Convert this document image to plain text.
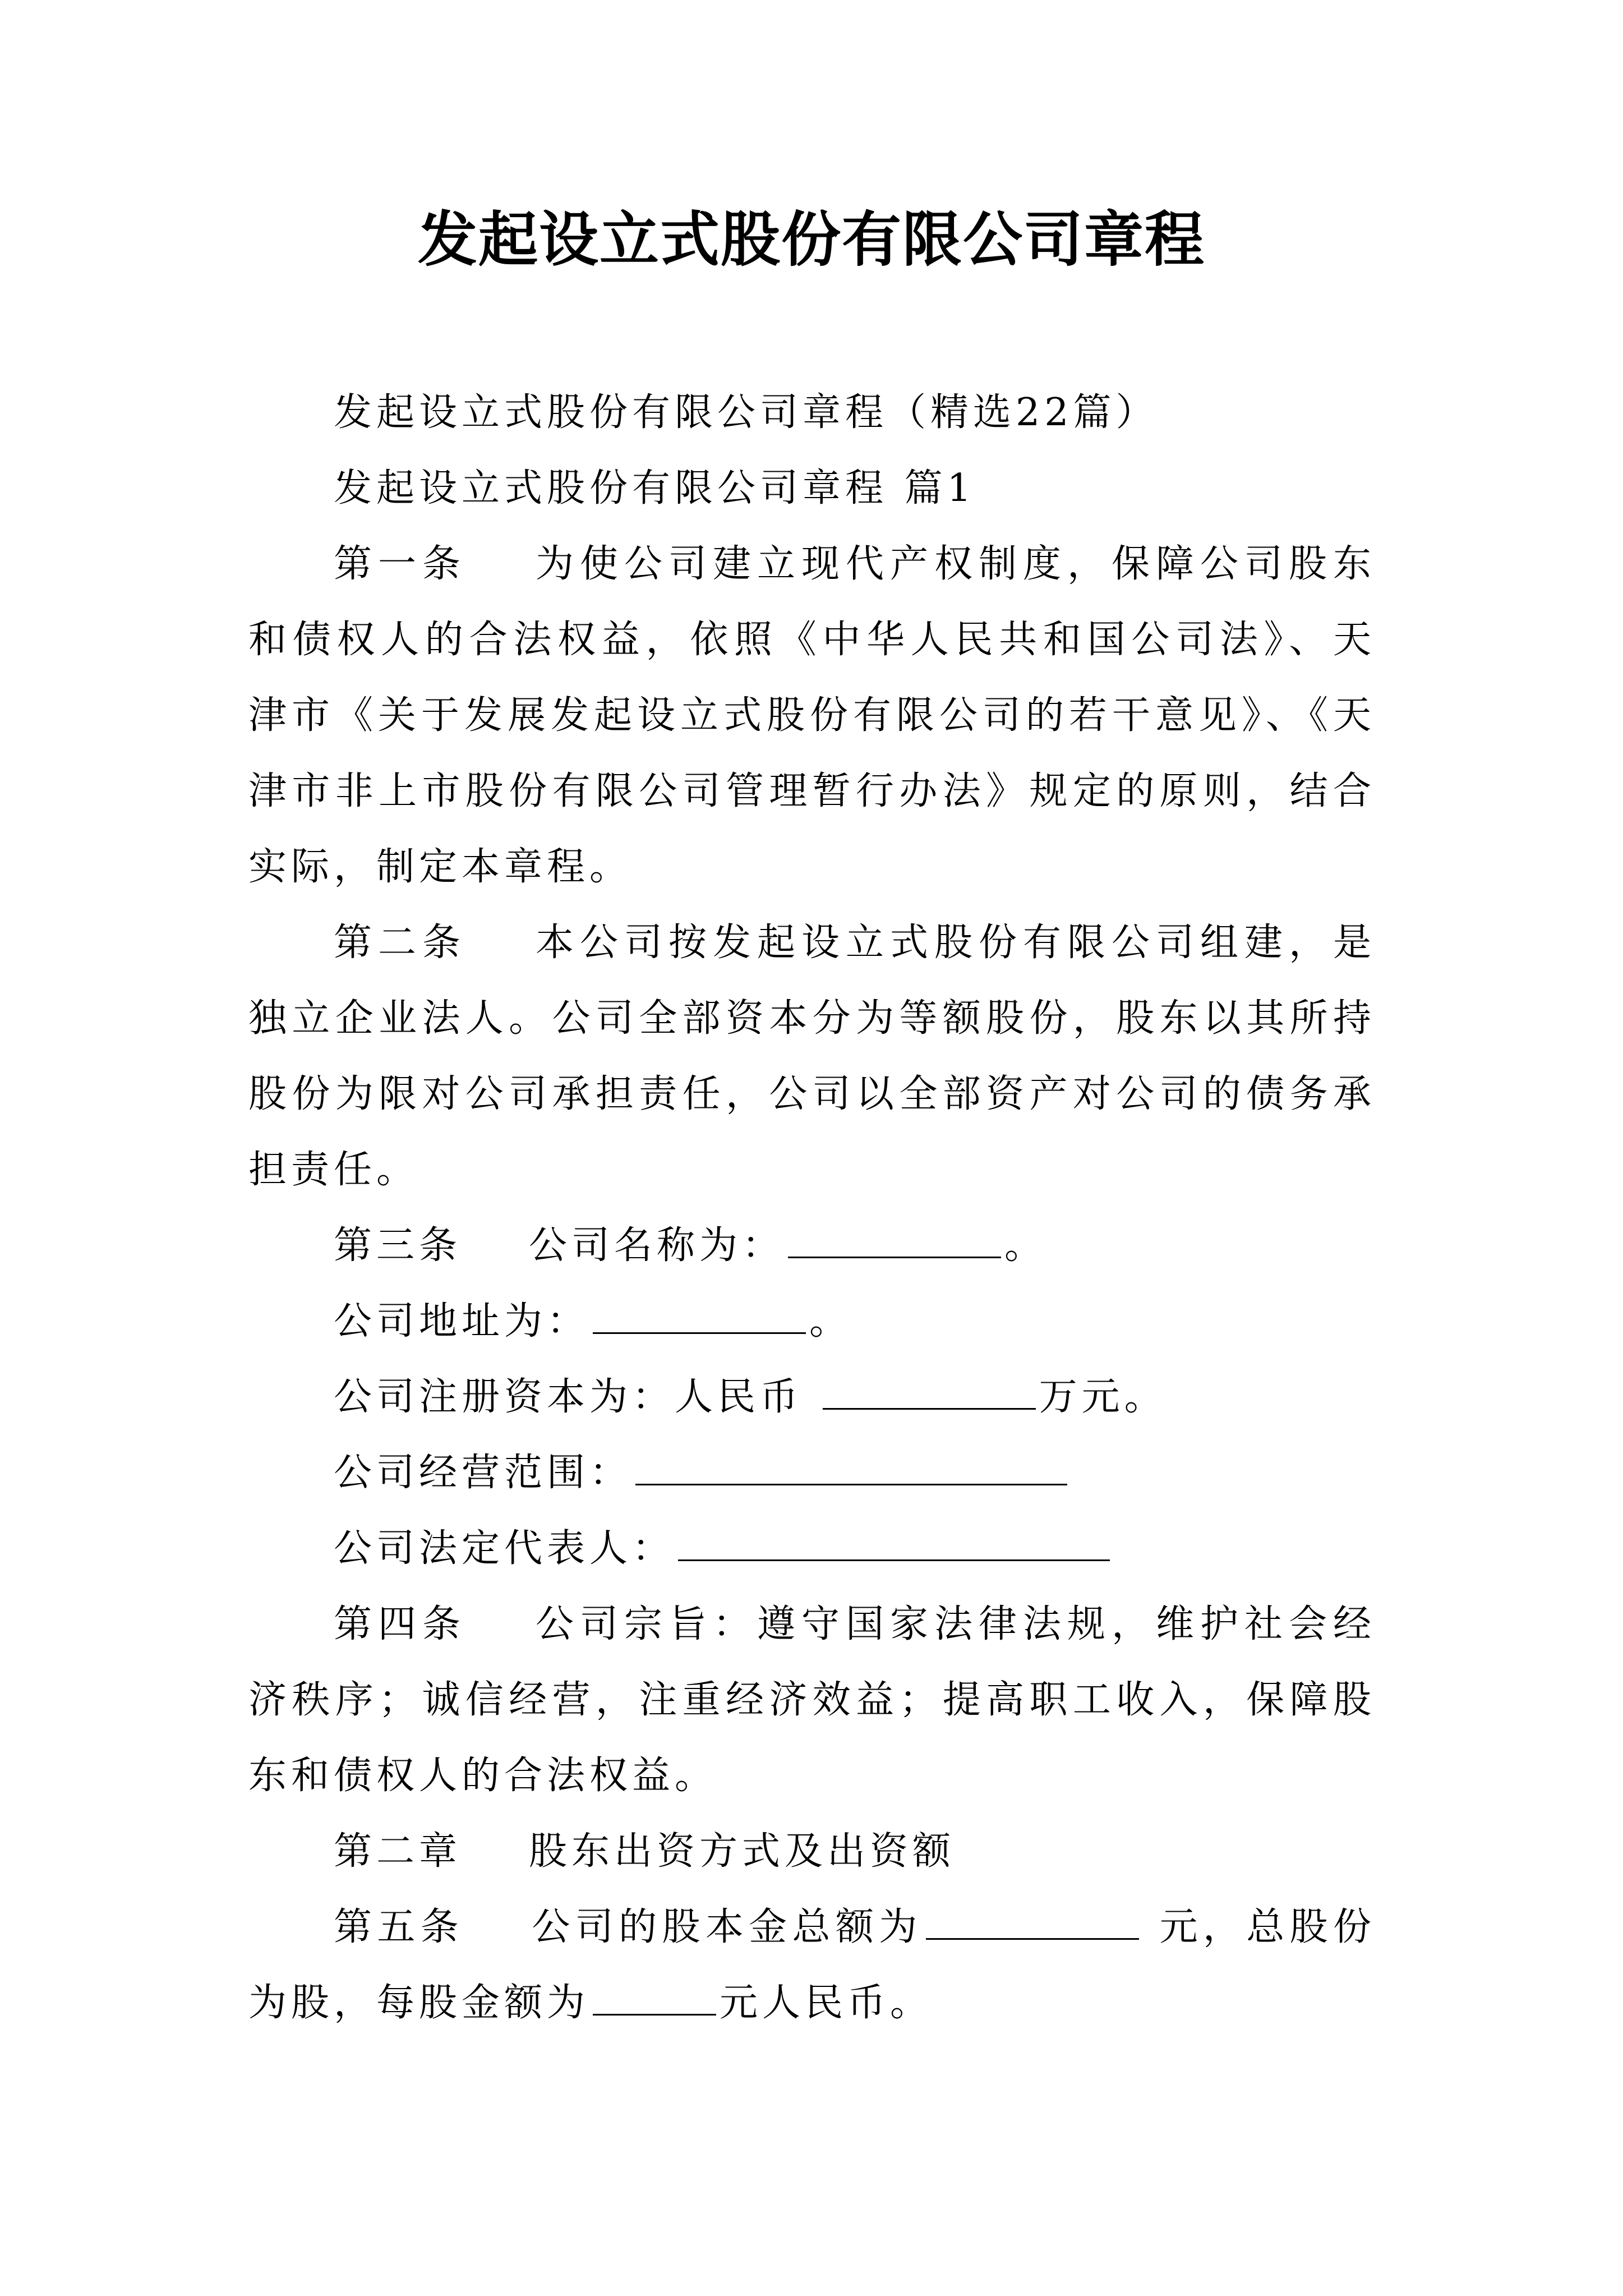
发起设立式股份有限公司章程

发起设立式股份有限公司章程（精选22篇）

发起设立式股份有限公司章程 篇1

第一条 为使公司建立现代产权制度，保障公司股东和债权人的合法权益，依照《中华人民共和国公司法》、天津市《关于发展发起设立式股份有限公司的若干意见》、《天津市非上市股份有限公司管理暂行办法》规定的原则，结合实际，制定本章程。

第二条 本公司按发起设立式股份有限公司组建，是独立企业法人。公司全部资本分为等额股份，股东以其所持股份为限对公司承担责任，公司以全部资产对公司的债务承担责任。

第三条 公司名称为：	。

公司地址为：	。

公司注册资本为：人民币	万元。

公司经营范围：

公司法定代表人：

第四条 公司宗旨：遵守国家法律法规，维护社会经济秩序；诚信经营，注重经济效益；提高职工收入，保障股东和债权人的合法权益。

第二章 股东出资方式及出资额

第五条 公司的股本金总额为	元，总股份为股，每股金额为	元人民币。
